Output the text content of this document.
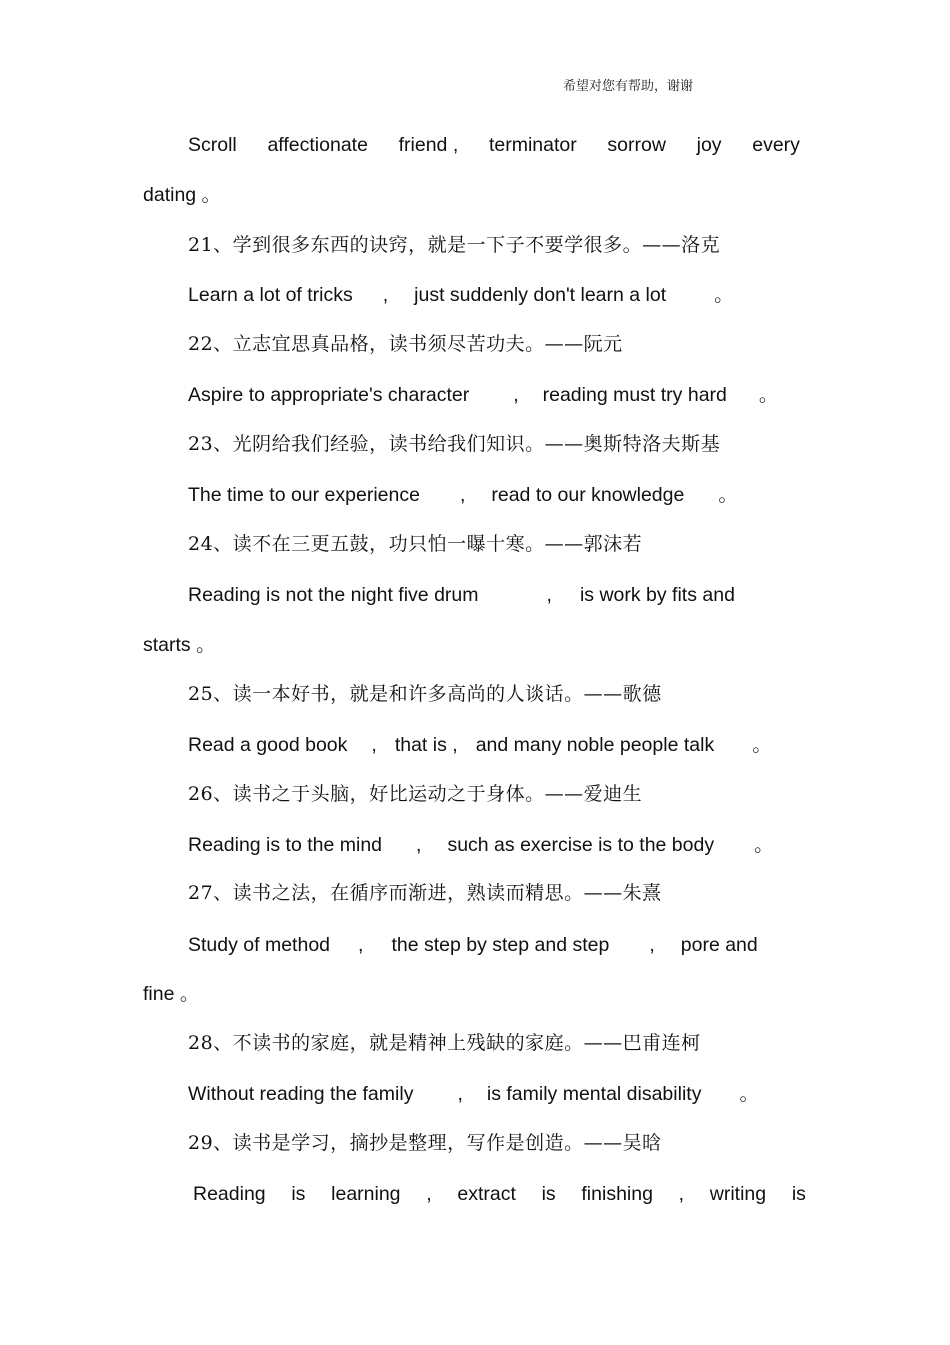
希望对您有帮助，谢谢
Scroll affectionate friend , terminator sorrow joy every
dating 。
21、学到很多东西的诀窍，就是一下子不要学很多。——洛克
Learn a lot of tricks , just suddenly don't learn a lot 。
22、立志宜思真品格，读书须尽苦功夫。——阮元
Aspire to appropriate's character , reading must try hard 。
23、光阴给我们经验，读书给我们知识。——奥斯特洛夫斯基
The time to our experience , read to our knowledge 。
24、读不在三更五鼓，功只怕一曝十寒。——郭沫若
Reading is not the night five drum	, is work by fits and
starts 。
25、读一本好书，就是和许多高尚的人谈话。——歌德
Read a good book , that is , and many noble people talk 。
26、读书之于头脑，好比运动之于身体。——爱迪生
Reading is to the mind , such as exercise is to the body 。
27、读书之法，在循序而渐进，熟读而精思。——朱熹
Study of method , the step by step and step , pore and
fine 。
28、不读书的家庭，就是精神上残缺的家庭。——巴甫连柯
Without reading the family , is family mental disability 。
29、读书是学习，摘抄是整理，写作是创造。——吴晗
Reading is learning , extract is finishing , writing is
